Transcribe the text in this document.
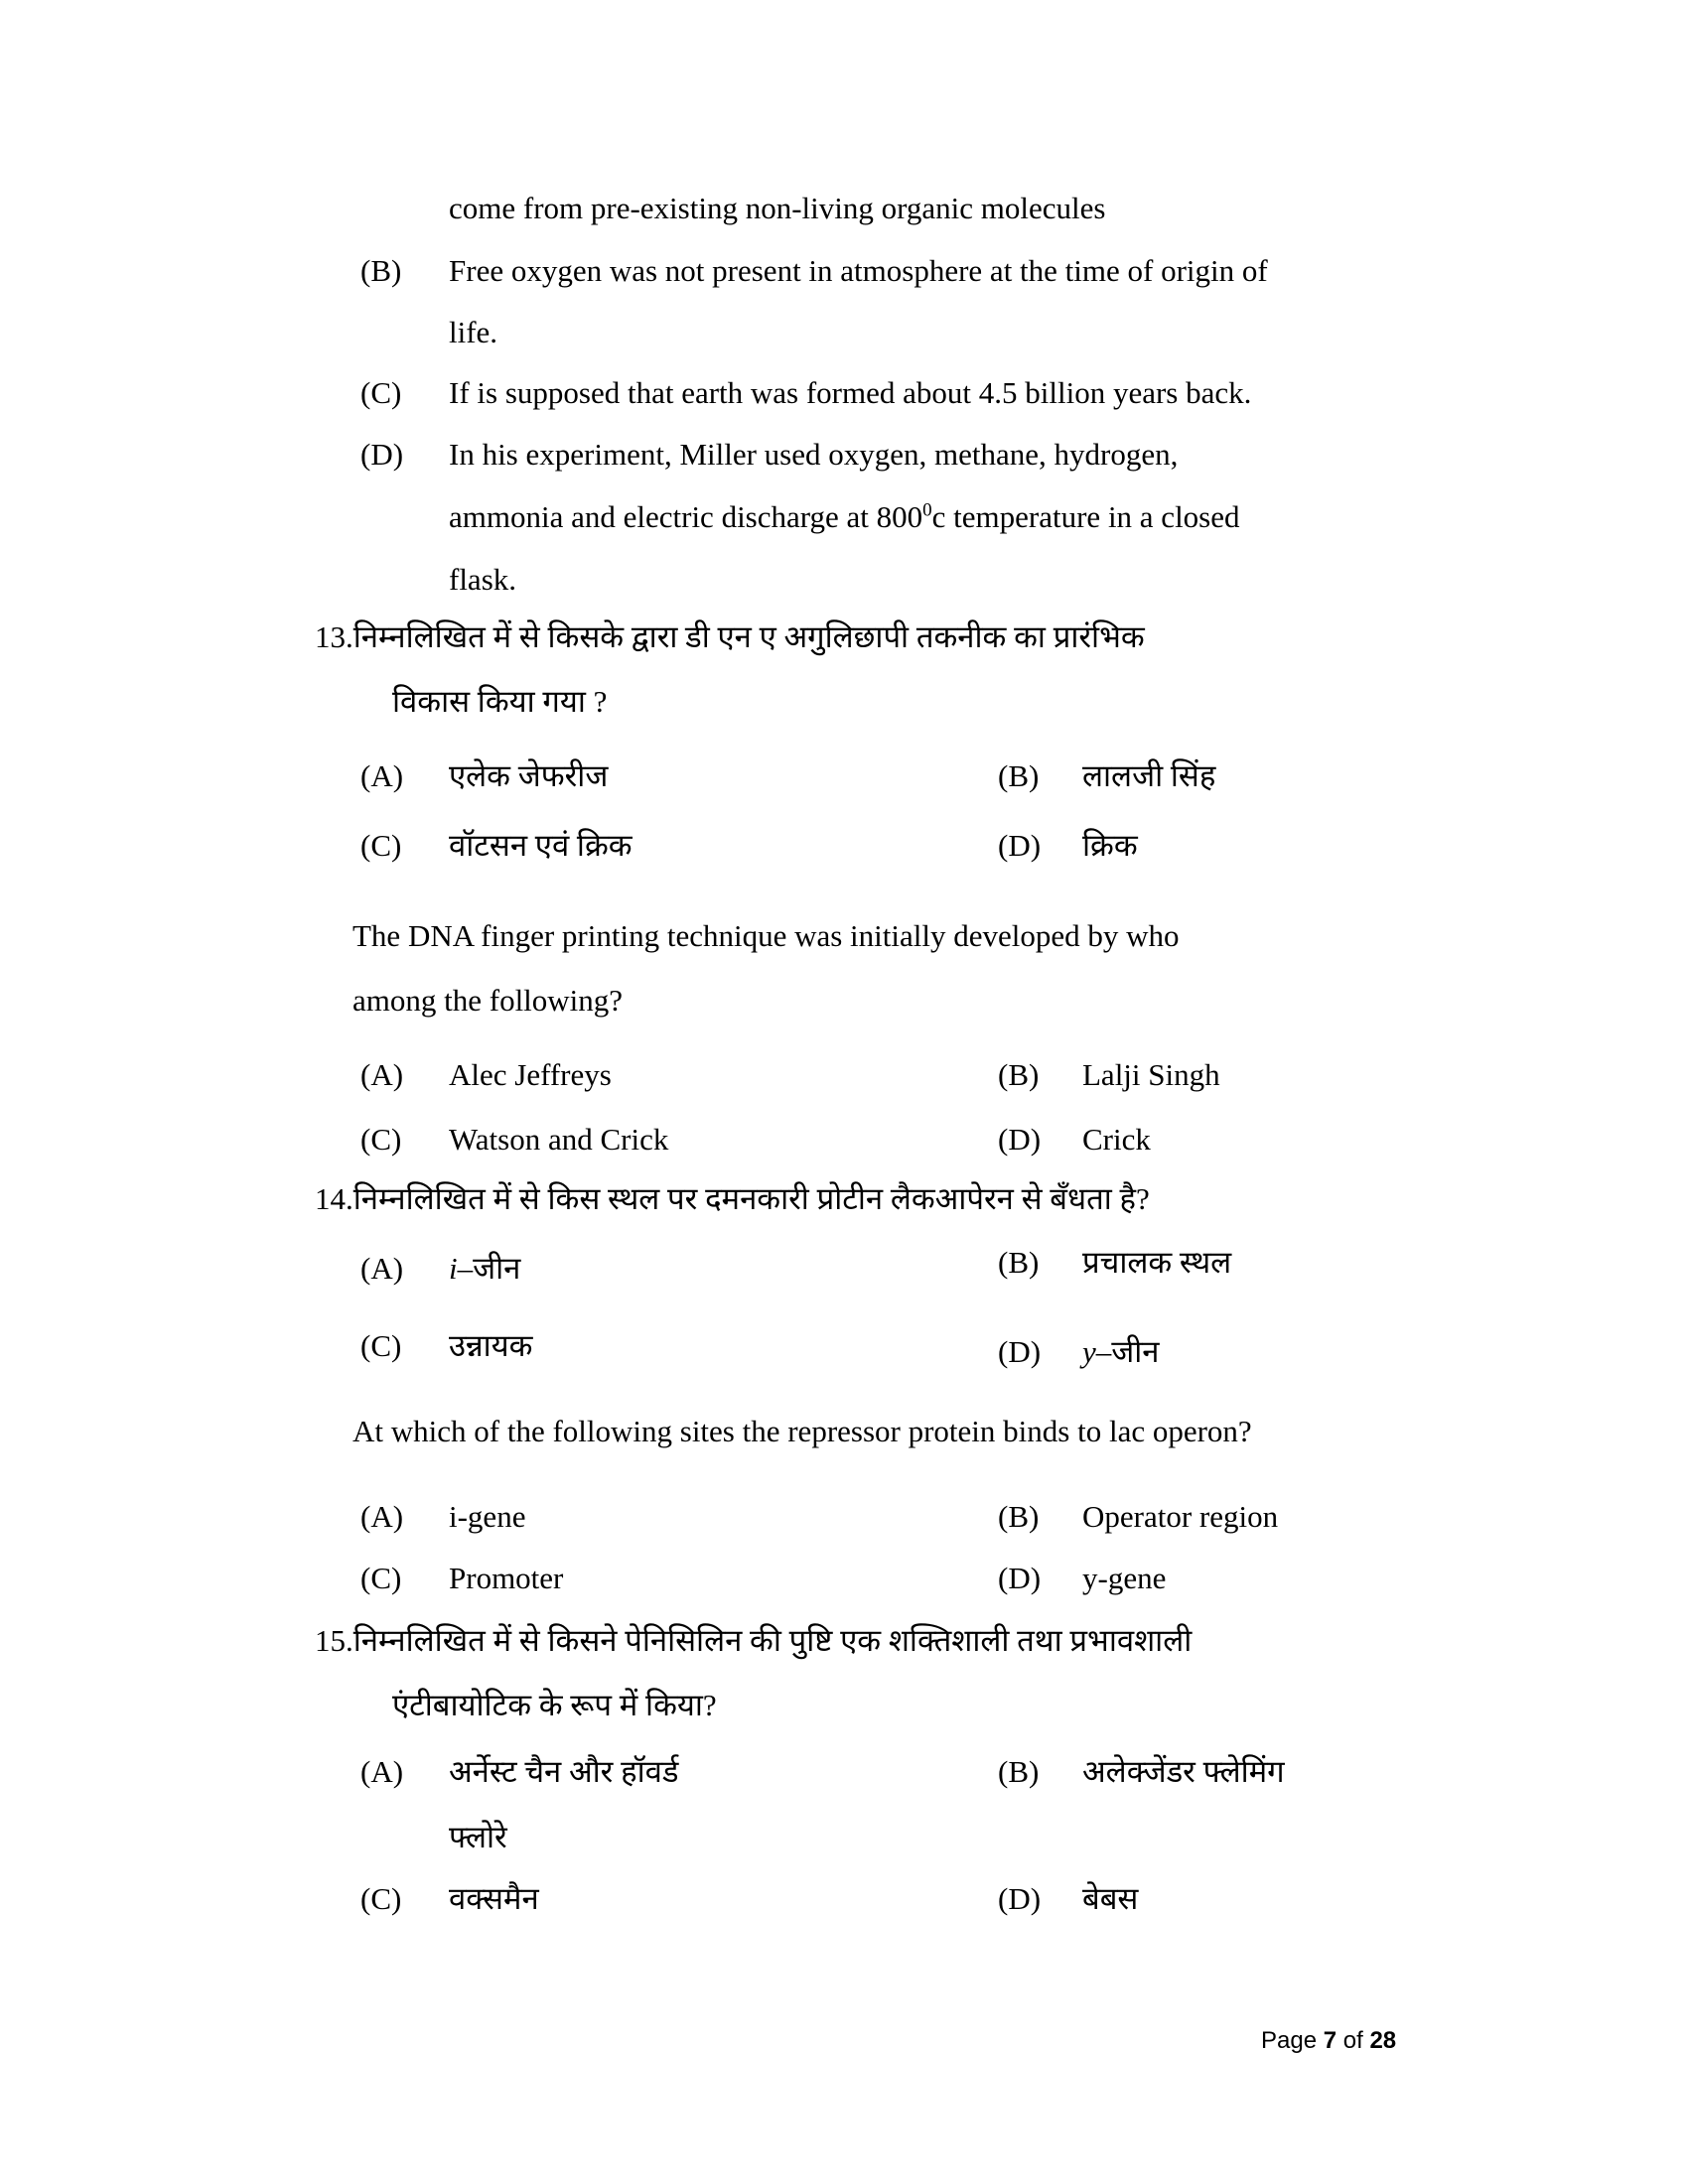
come from pre-existing non-living organic molecules
(B) Free oxygen was not present in atmosphere at the time of origin of
life.
(C) If is supposed that earth was formed about 4.5 billion years back.
(D) In his experiment, Miller used oxygen, methane, hydrogen,
ammonia and electric discharge at $800^0c$ temperature in a closed
flask.
13.निम्नलिखित में से किसके द्वारा डी एन ए अगुलिछापी तकनीक का प्रारंभिक
विकास किया गया ?
(A) एलेक जेफरीज	(B) लालजी सिंह
(C) वॉटसन एवं क्रिक	(D) क्रिक
The DNA finger printing technique was initially developed by who
among the following?
(A) Alec Jeffreys	(B) Lalji Singh
(C) Watson and Crick	(D) Crick
14.निम्नलिखित में से किस स्थल पर दमनकारी प्रोटीन लैकआपेरन से बँधता है?
(A) i–जीन	(B) प्रचालक स्थल
(C) उन्नायक	(D) y–जीन
At which of the following sites the repressor protein binds to lac operon?
(A) i-gene	(B) Operator region
(C) Promoter	(D) y-gene
15.निम्नलिखित में से किसने पेनिसिलिन की पुष्टि एक शक्तिशाली तथा प्रभावशाली
एंटीबायोटिक के रूप में किया?
(A) अर्नेस्ट चैन और हॉवर्ड	(B) अलेक्जेंडर फ्लेमिंग
फ्लोरे
(C) वक्समैन	(D) बेबस
Page 7 of 28
